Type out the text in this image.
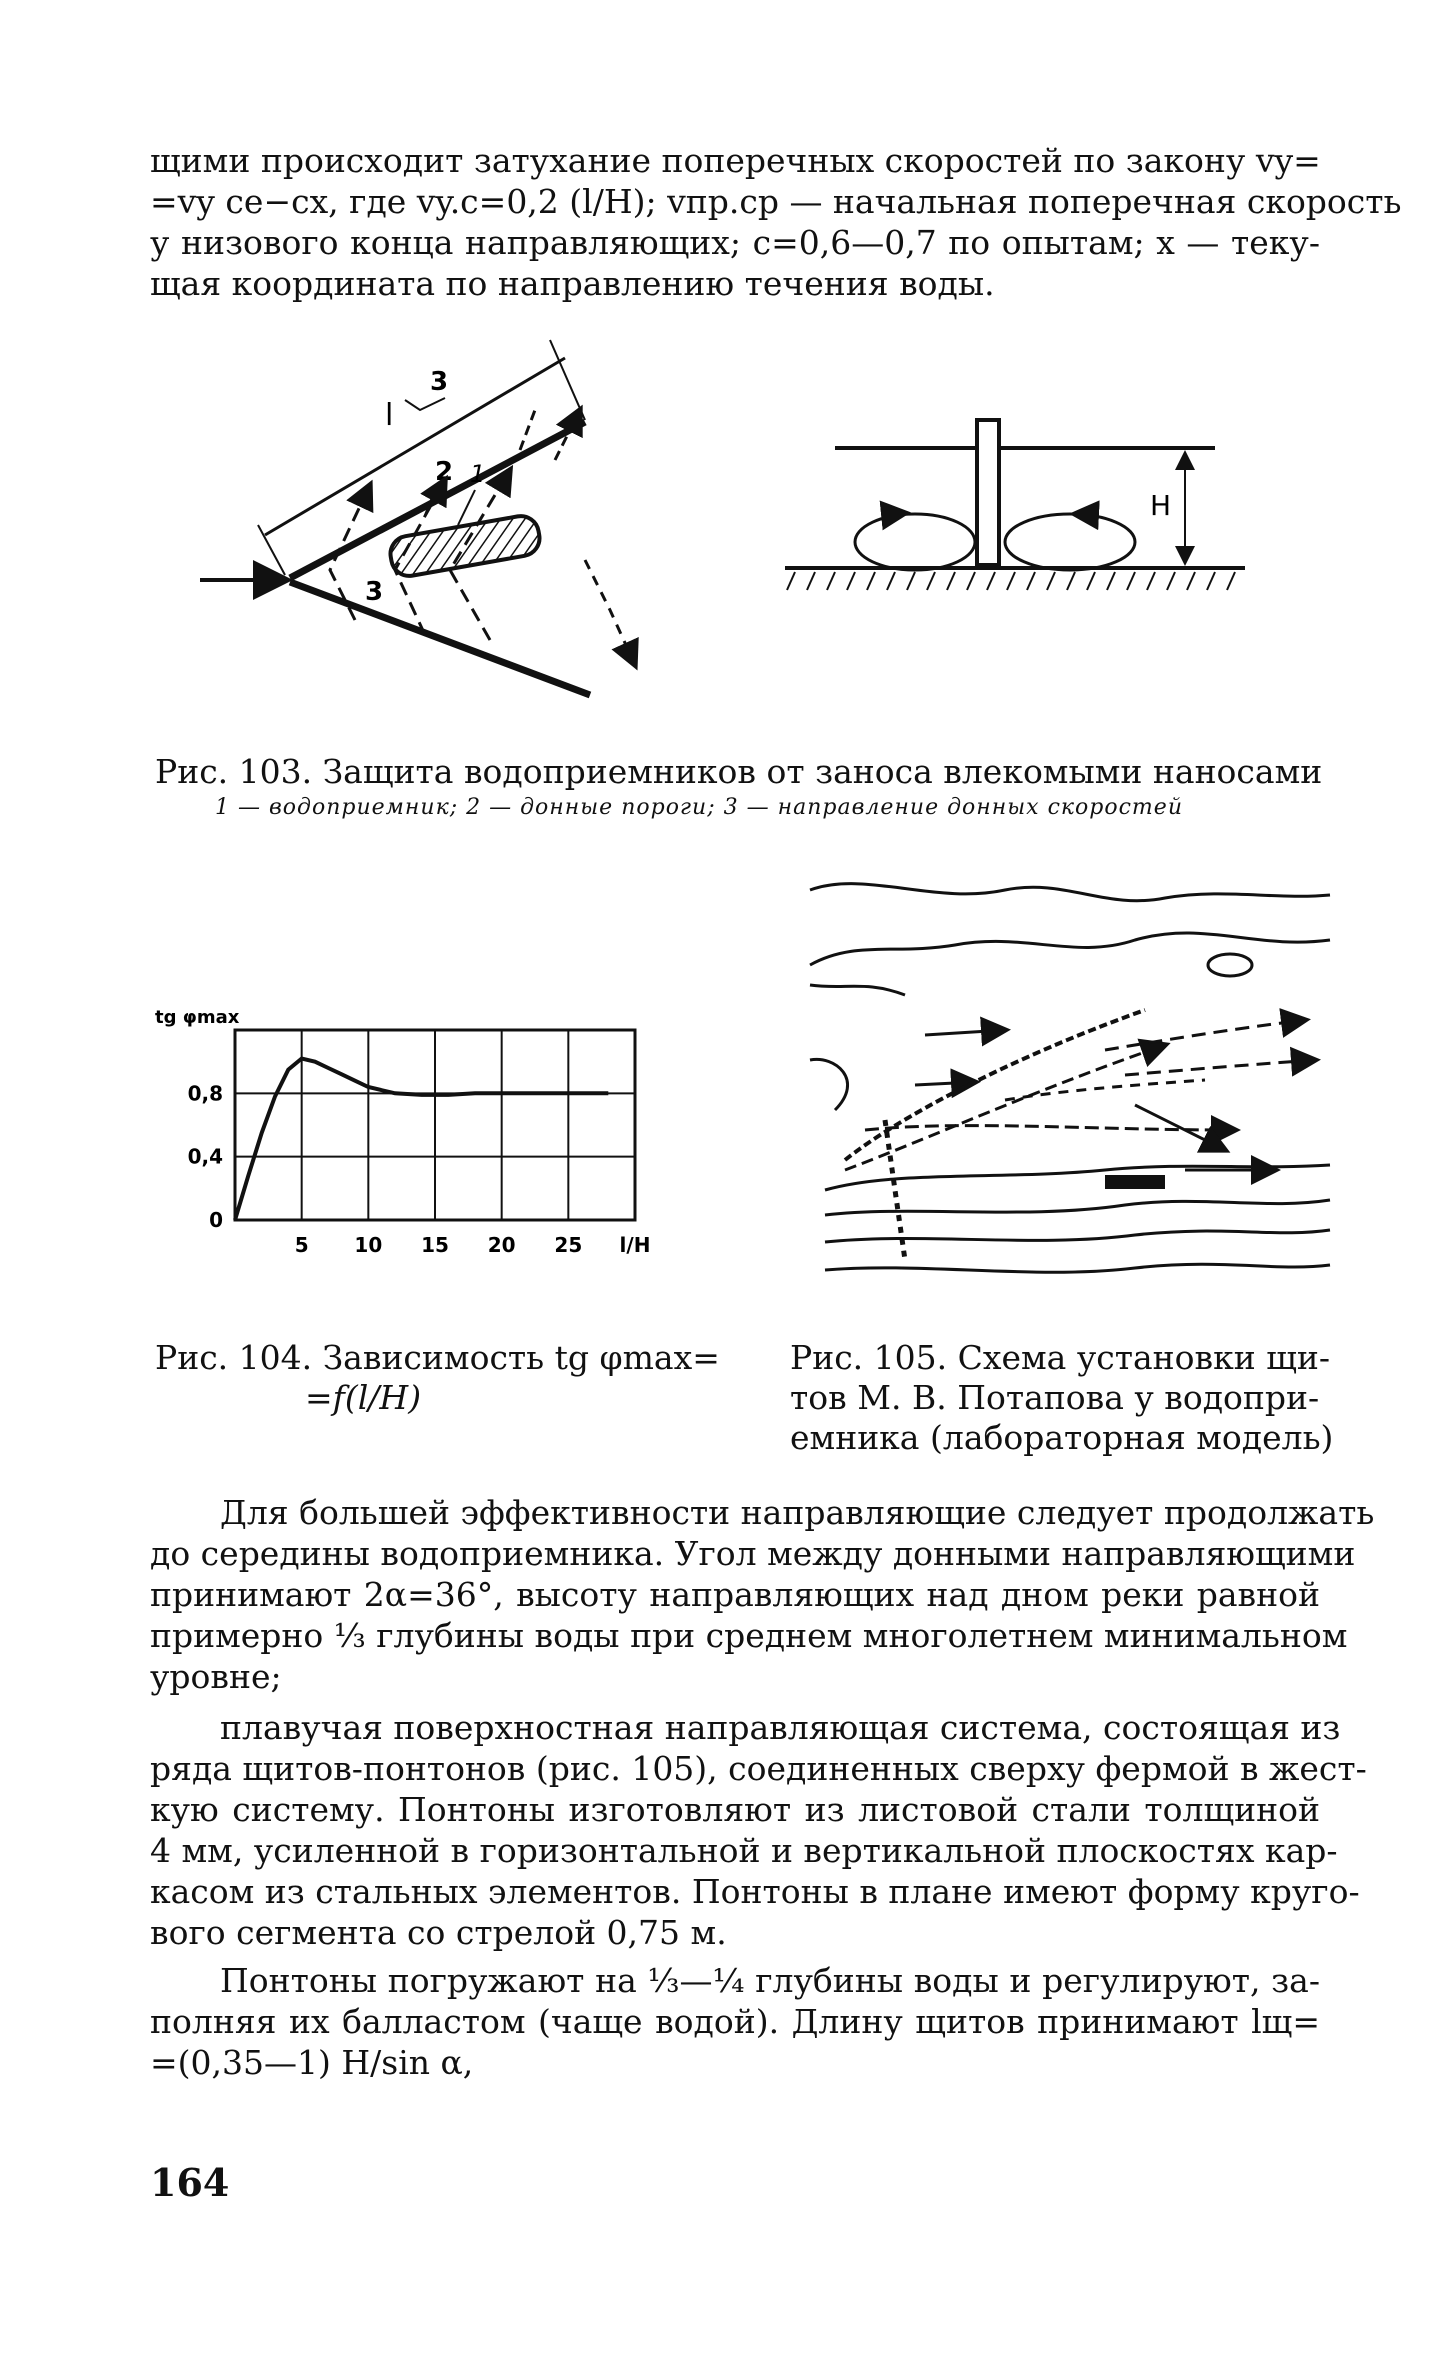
щими происходит затухание поперечных скоростей по закону vy=
=vy ce−cx, где vy.c=0,2 (l/H); vпр.ср — начальная поперечная скорость
у низового конца направляющих; c=0,6—0,7 по опытам; x — теку-
щая координата по направлению течения воды.
l
2
3
3
1
H
Рис. 103. Защита водоприемников от заноса влекомыми наносами
1 — водоприемник; 2 — донные пороги; 3 — направление донных скоростей
tg φmax
0,8
0,4
0
5 10 15 20 25 l/H
Рис. 104. Зависимость tg φmax=
=f(l/H)
Рис. 105. Схема установки щи-
тов М. В. Потапова у водопри-
емника (лабораторная модель)
Для большей эффективности направляющие следует продолжать
до середины водоприемника. Угол между донными направляющими
принимают 2α=36°, высоту направляющих над дном реки равной
примерно ⅓ глубины воды при среднем многолетнем минимальном
уровне;
плавучая поверхностная направляющая система, состоящая из
ряда щитов-понтонов (рис. 105), соединенных сверху фермой в жест-
кую систему. Понтоны изготовляют из листовой стали толщиной
4 мм, усиленной в горизонтальной и вертикальной плоскостях кар-
касом из стальных элементов. Понтоны в плане имеют форму круго-
вого сегмента со стрелой 0,75 м.
Понтоны погружают на ⅓—¼ глубины воды и регулируют, за-
полняя их балластом (чаще водой). Длину щитов принимают lщ=
=(0,35—1) H/sin α,
164
